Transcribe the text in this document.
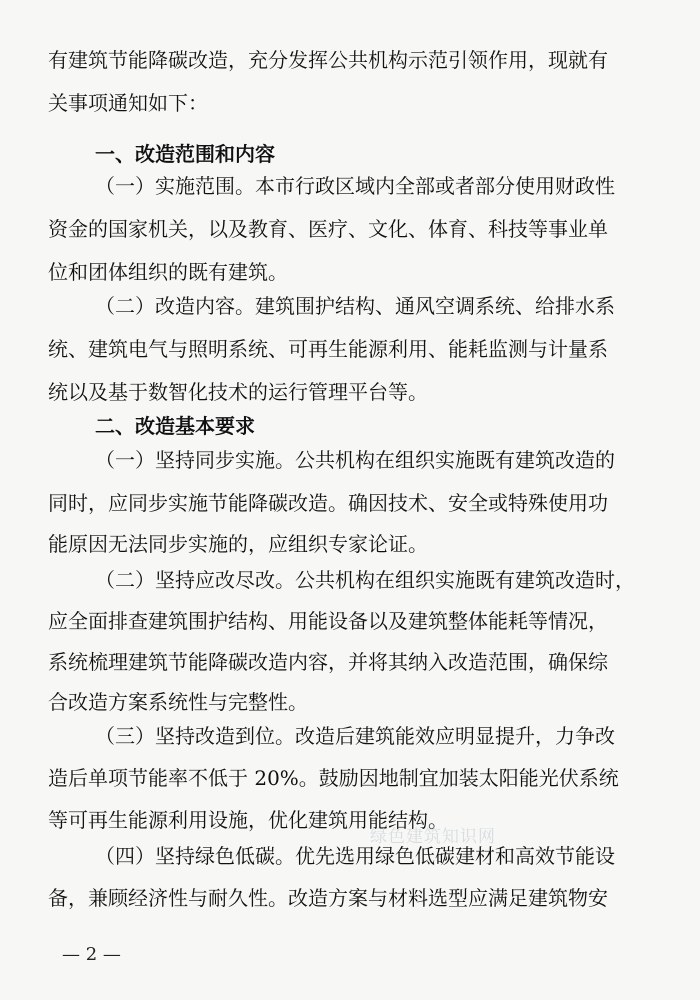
有建筑节能降碳改造，充分发挥公共机构示范引领作用，现就有
关事项通知如下：
一、改造范围和内容
（一）实施范围。本市行政区域内全部或者部分使用财政性
资金的国家机关，以及教育、医疗、文化、体育、科技等事业单
位和团体组织的既有建筑。
（二）改造内容。建筑围护结构、通风空调系统、给排水系
统、建筑电气与照明系统、可再生能源利用、能耗监测与计量系
统以及基于数智化技术的运行管理平台等。
二、改造基本要求
（一）坚持同步实施。公共机构在组织实施既有建筑改造的
同时，应同步实施节能降碳改造。确因技术、安全或特殊使用功
能原因无法同步实施的，应组织专家论证。
（二）坚持应改尽改。公共机构在组织实施既有建筑改造时，
应全面排查建筑围护结构、用能设备以及建筑整体能耗等情况，
系统梳理建筑节能降碳改造内容，并将其纳入改造范围，确保综
合改造方案系统性与完整性。
（三）坚持改造到位。改造后建筑能效应明显提升，力争改
造后单项节能率不低于 20%。鼓励因地制宜加装太阳能光伏系统
等可再生能源利用设施，优化建筑用能结构。
（四）坚持绿色低碳。优先选用绿色低碳建材和高效节能设
备，兼顾经济性与耐久性。改造方案与材料选型应满足建筑物安
绿色建筑知识网
— 2 —
